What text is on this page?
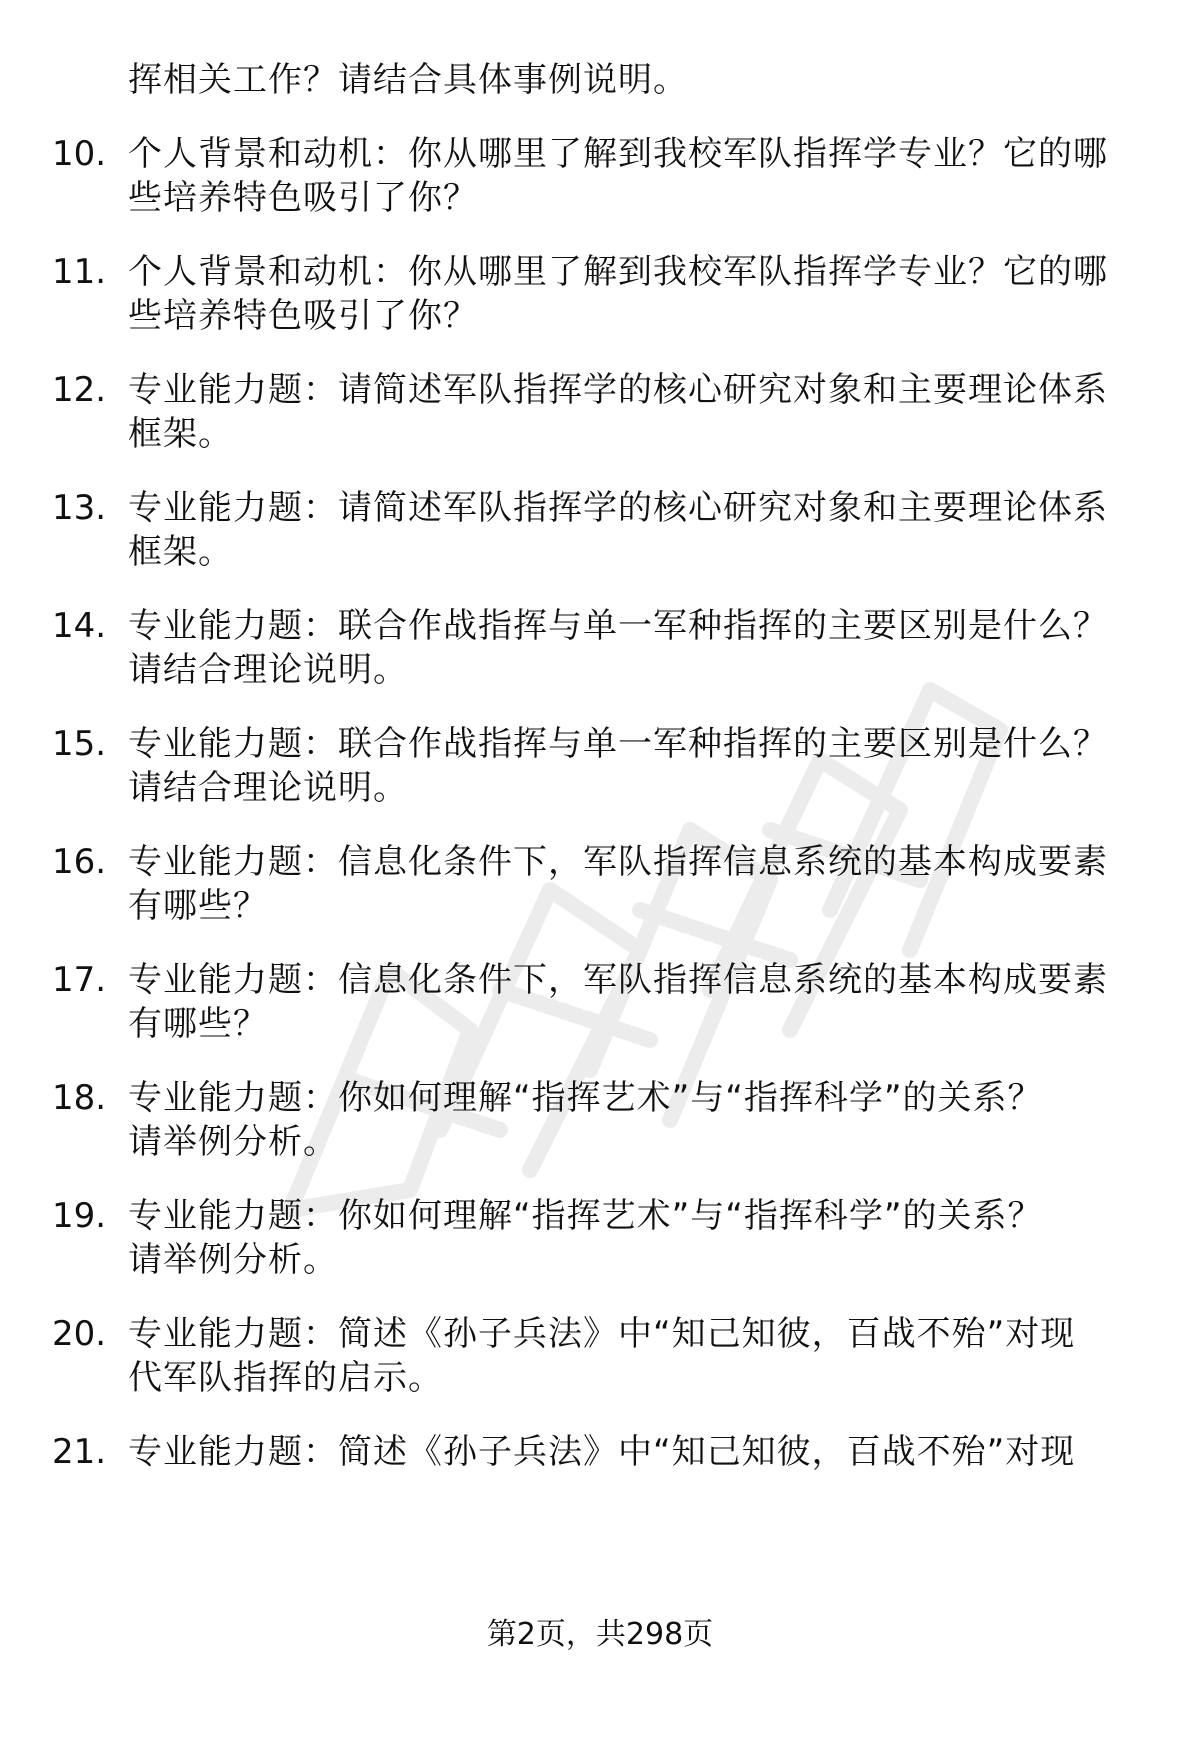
挥相关工作？请结合具体事例说明。
10. 个人背景和动机：你从哪里了解到我校军队指挥学专业？它的哪
些培养特色吸引了你？
11. 个人背景和动机：你从哪里了解到我校军队指挥学专业？它的哪
些培养特色吸引了你？
12. 专业能力题：请简述军队指挥学的核心研究对象和主要理论体系
框架。
13. 专业能力题：请简述军队指挥学的核心研究对象和主要理论体系
框架。
14. 专业能力题：联合作战指挥与单一军种指挥的主要区别是什么？
请结合理论说明。
15. 专业能力题：联合作战指挥与单一军种指挥的主要区别是什么？
请结合理论说明。
16. 专业能力题：信息化条件下，军队指挥信息系统的基本构成要素
有哪些？
17. 专业能力题：信息化条件下，军队指挥信息系统的基本构成要素
有哪些？
18. 专业能力题：你如何理解“指挥艺术”与“指挥科学”的关系？
请举例分析。
19. 专业能力题：你如何理解“指挥艺术”与“指挥科学”的关系？
请举例分析。
20. 专业能力题：简述《孙子兵法》中“知己知彼，百战不殆”对现
代军队指挥的启示。
21. 专业能力题：简述《孙子兵法》中“知己知彼，百战不殆”对现
第2页，共298页
